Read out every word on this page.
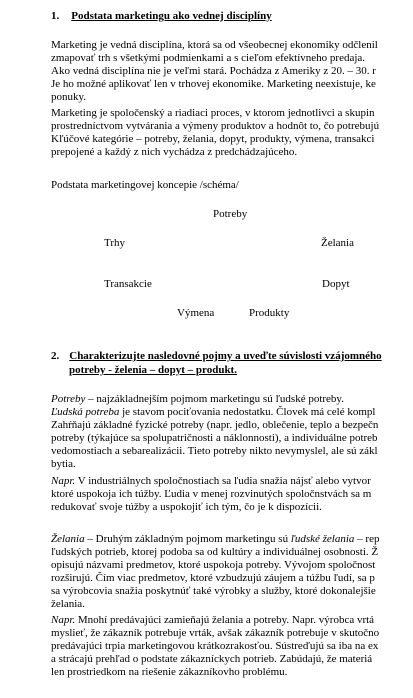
1. Podstata marketingu ako vednej disciplíny
Marketing je vedná disciplína, ktorá sa od všeobecnej ekonomiky odčlenil
zmapovať trh s všetkými podmienkami a s cieľom efektívneho predaja.
Ako vedná disciplína nie je veľmi stará. Pochádza z Ameriky z 20. – 30. r
Je ho možné aplikovať len v trhovej ekonomike. Marketing neexistuje, ke
ponuky.
Marketing je spoločenský a riadiaci proces, v ktorom jednotlivci a skupin
prostredníctvom vytvárania a výmeny produktov a hodnôt to, čo potrebujú
Kľúčové kategórie – potreby, želania, dopyt, produkty, výmena, transakci
prepojené a každý z nich vychádza z predchádzajúceho.
Podstata marketingovej koncepie /schéma/
Potreby
Trhy	Želania
Transakcie	Dopyt
Výmena	Produkty
2. Charakterizujte nasledovné pojmy a uveďte súvislosti vzájomného
potreby - želenia – dopyt – produkt.
Potreby – najzákladnejším pojmom marketingu sú ľudské potreby.
Ľudská potreba je stavom pociťovania nedostatku. Človek má celé kompl
Zahŕňajú základné fyzické potreby (napr. jedlo, oblečenie, teplo a bezpečn
potreby (týkajúce sa spolupatričnosti a náklonnosti), a individuálne potreb
vedomostiach a sebarealizácii. Tieto potreby nikto nevymyslel, ale sú zákl
bytia.
Napr. V industriálnych spoločnostiach sa ľudia snažia nájsť alebo vytvor
ktoré uspokoja ich túžby. Ľudia v menej rozvinutých spoločnstvách sa m
redukovať svoje túžby a uspokojiť ich tým, čo je k dispozícii.
Želania – Druhým základným pojmom marketingu sú ľudské želania – rep
ľudských potrieb, ktorej podoba sa od kultúry a individuálnej osobnosti. Ž
opisujú názvami predmetov, ktoré uspokoja potreby. Vývojom spoločnost
rozširujú. Čím viac predmetov, ktoré vzbudzujú záujem a túžbu ľudí, sa p
sa výrobcovia snažia poskytnúť také výrobky a služby, ktoré dokonalejšie
želania.
Napr. Mnohí predávajúci zamieňajú želania a potreby. Napr. výrobca vrtá
myslieť, že zákazník potrebuje vrták, avšak zákazník potrebuje v skutočno
predávajúci trpia marketingovou krátkozrakosťou. Sústreďujú sa iba na ex
a strácajú prehľad o podstate zákazníckych potrieb. Zabúdajú, že materiá
len prostriedkom na riešenie zákazníkovho problému.
